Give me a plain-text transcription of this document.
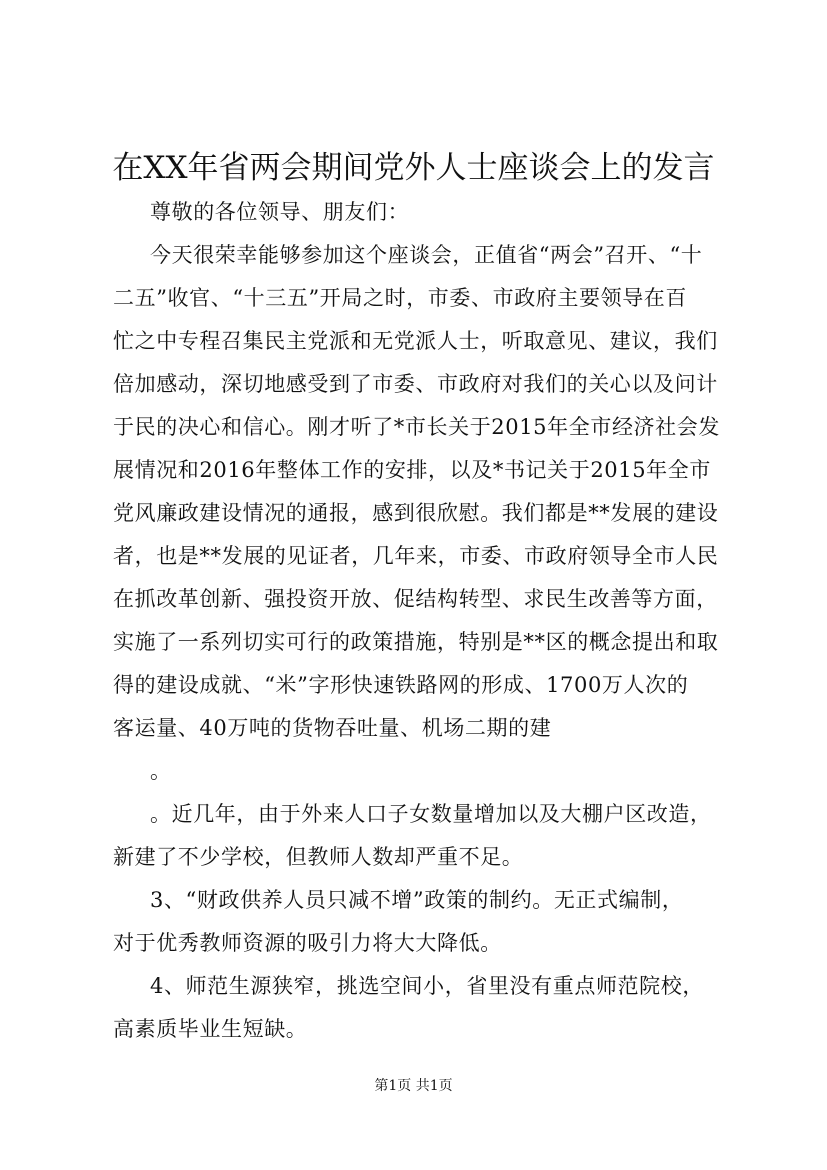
在XX年省两会期间党外人士座谈会上的发言
尊敬的各位领导、朋友们：
今天很荣幸能够参加这个座谈会，正值省“两会”召开、“十
二五”收官、“十三五”开局之时，市委、市政府主要领导在百
忙之中专程召集民主党派和无党派人士，听取意见、建议，我们
倍加感动，深切地感受到了市委、市政府对我们的关心以及问计
于民的决心和信心。刚才听了*市长关于2015年全市经济社会发
展情况和2016年整体工作的安排，以及*书记关于2015年全市
党风廉政建设情况的通报，感到很欣慰。我们都是**发展的建设
者，也是**发展的见证者，几年来，市委、市政府领导全市人民
在抓改革创新、强投资开放、促结构转型、求民生改善等方面，
实施了一系列切实可行的政策措施，特别是**区的概念提出和取
得的建设成就、“米”字形快速铁路网的形成、1700万人次的
客运量、40万吨的货物吞吐量、机场二期的建
。
。近几年，由于外来人口子女数量增加以及大棚户区改造，
新建了不少学校，但教师人数却严重不足。
3、“财政供养人员只减不增”政策的制约。无正式编制，
对于优秀教师资源的吸引力将大大降低。
4、师范生源狭窄，挑选空间小，省里没有重点师范院校，
高素质毕业生短缺。
第1页 共1页
